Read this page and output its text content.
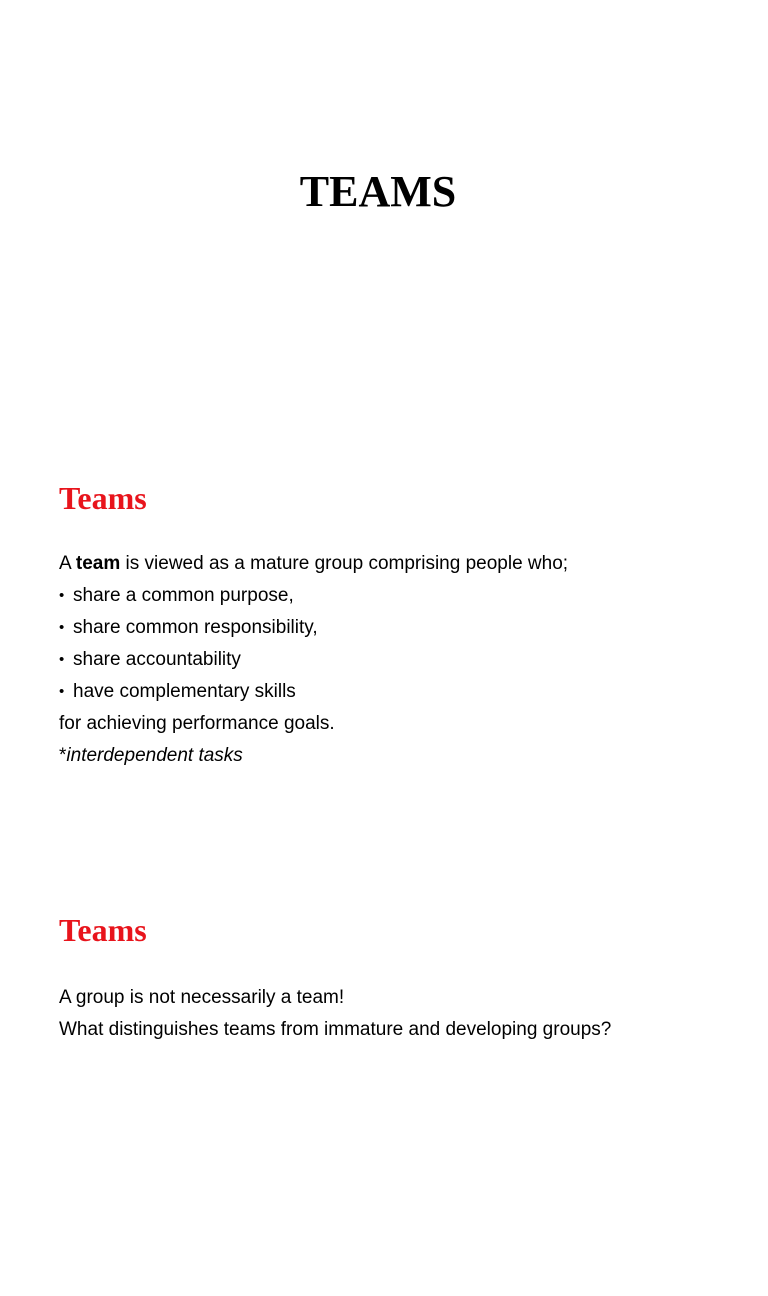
TEAMS
Teams
A team is viewed as a mature group comprising people who;
• share a common purpose,
• share common responsibility,
• share accountability
• have complementary skills
for achieving performance goals.
*interdependent tasks
Teams
A group is not necessarily a team!
What distinguishes teams from immature and developing groups?
